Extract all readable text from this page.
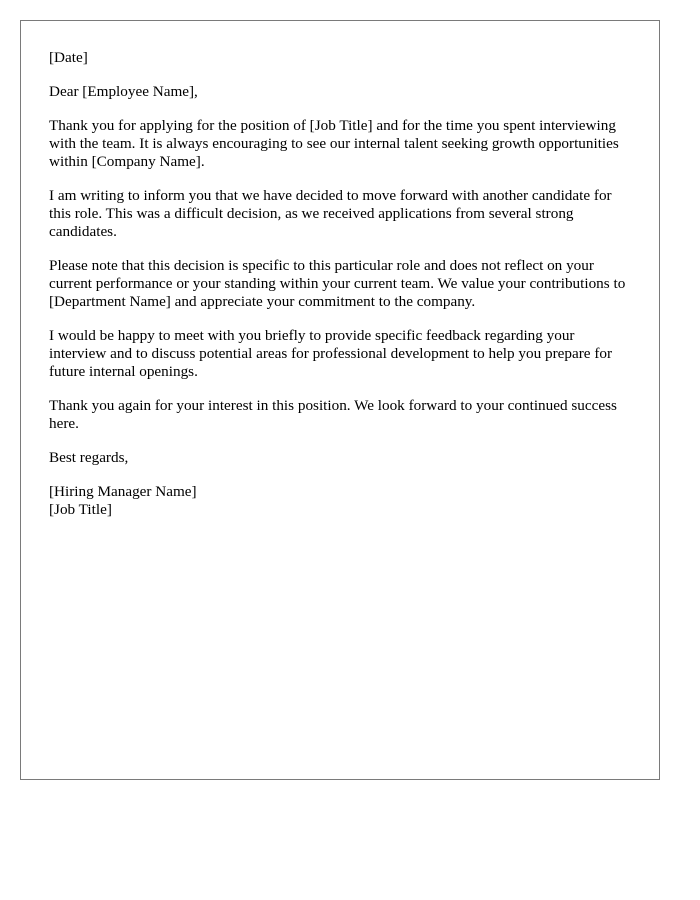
[Date]

Dear [Employee Name],

Thank you for applying for the position of [Job Title] and for the time you spent interviewing with the team. It is always encouraging to see our internal talent seeking growth opportunities within [Company Name].

I am writing to inform you that we have decided to move forward with another candidate for this role. This was a difficult decision, as we received applications from several strong candidates.

Please note that this decision is specific to this particular role and does not reflect on your current performance or your standing within your current team. We value your contributions to [Department Name] and appreciate your commitment to the company.

I would be happy to meet with you briefly to provide specific feedback regarding your interview and to discuss potential areas for professional development to help you prepare for future internal openings.

Thank you again for your interest in this position. We look forward to your continued success here.

Best regards,

[Hiring Manager Name]
[Job Title]
